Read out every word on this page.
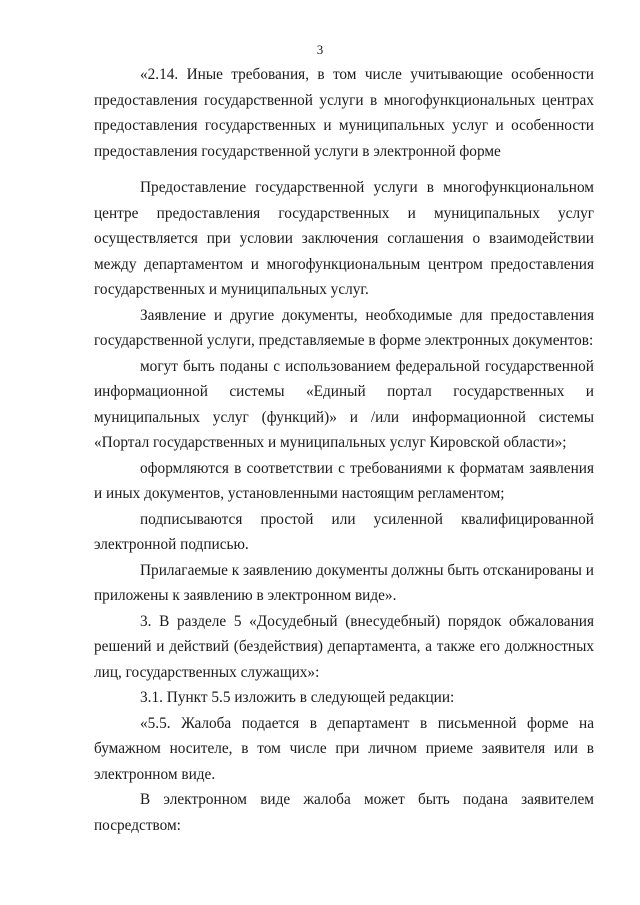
3

«2.14. Иные требования, в том числе учитывающие особенности предоставления государственной услуги в многофункциональных центрах предоставления государственных и муниципальных услуг и особенности предоставления государственной услуги в электронной форме

Предоставление государственной услуги в многофункциональном центре предоставления государственных и муниципальных услуг осуществляется при условии заключения соглашения о взаимодействии между департаментом и многофункциональным центром предоставления государственных и муниципальных услуг.

Заявление и другие документы, необходимые для предоставления государственной услуги, представляемые в форме электронных документов:

могут быть поданы с использованием федеральной государственной информационной системы «Единый портал государственных и муниципальных услуг (функций)» и /или информационной системы «Портал государственных и муниципальных услуг Кировской области»;

оформляются в соответствии с требованиями к форматам заявления и иных документов, установленными настоящим регламентом;

подписываются простой или усиленной квалифицированной электронной подписью.

Прилагаемые к заявлению документы должны быть отсканированы и приложены к заявлению в электронном виде».

3. В разделе 5 «Досудебный (внесудебный) порядок обжалования решений и действий (бездействия) департамента, а также его должностных лиц, государственных служащих»:

3.1. Пункт 5.5 изложить в следующей редакции:

«5.5. Жалоба подается в департамент в письменной форме на бумажном носителе, в том числе при личном приеме заявителя или в электронном виде.

В электронном виде жалоба может быть подана заявителем посредством:
